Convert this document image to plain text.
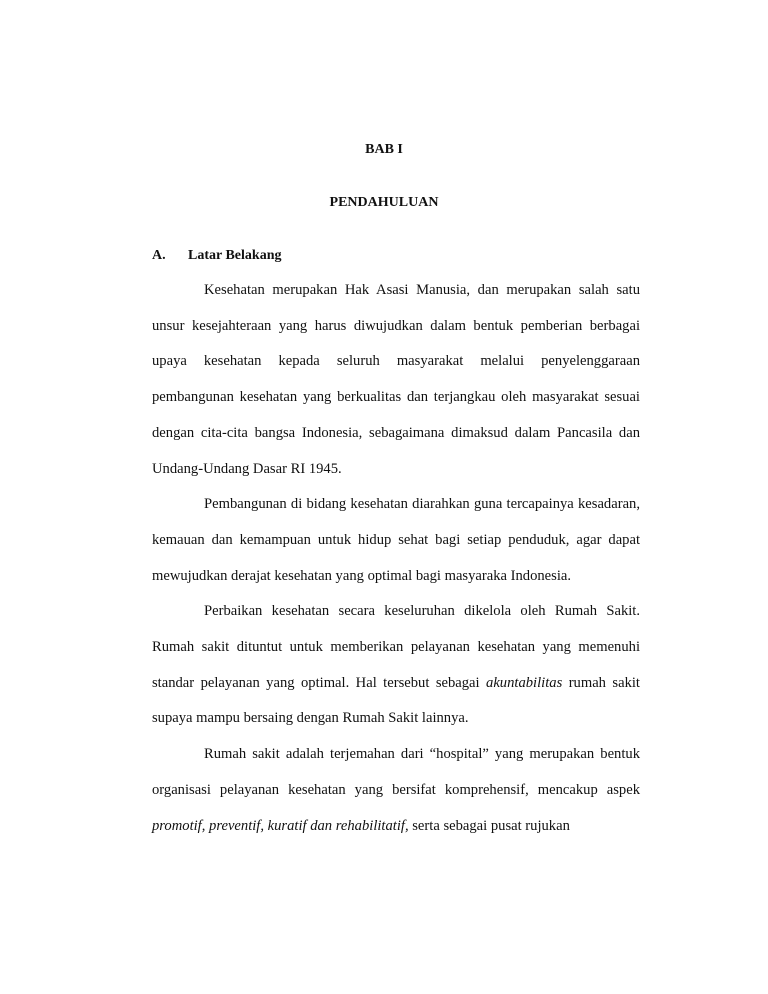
BAB I
PENDAHULUAN
A. Latar Belakang

Kesehatan merupakan Hak Asasi Manusia, dan merupakan salah satu unsur kesejahteraan yang harus diwujudkan dalam bentuk pemberian berbagai upaya kesehatan kepada seluruh masyarakat melalui penyelenggaraan pembangunan kesehatan yang berkualitas dan terjangkau oleh masyarakat sesuai dengan cita-cita bangsa Indonesia, sebagaimana dimaksud dalam Pancasila dan Undang-Undang Dasar RI 1945.

Pembangunan di bidang kesehatan diarahkan guna tercapainya kesadaran, kemauan dan kemampuan untuk hidup sehat bagi setiap penduduk, agar dapat mewujudkan derajat kesehatan yang optimal bagi masyaraka Indonesia.

Perbaikan kesehatan secara keseluruhan dikelola oleh Rumah Sakit. Rumah sakit dituntut untuk memberikan pelayanan kesehatan yang memenuhi standar pelayanan yang optimal. Hal tersebut sebagai akuntabilitas rumah sakit supaya mampu bersaing dengan Rumah Sakit lainnya.

Rumah sakit adalah terjemahan dari “hospital” yang merupakan bentuk organisasi pelayanan kesehatan yang bersifat komprehensif, mencakup aspek promotif, preventif, kuratif dan rehabilitatif, serta sebagai pusat rujukan
